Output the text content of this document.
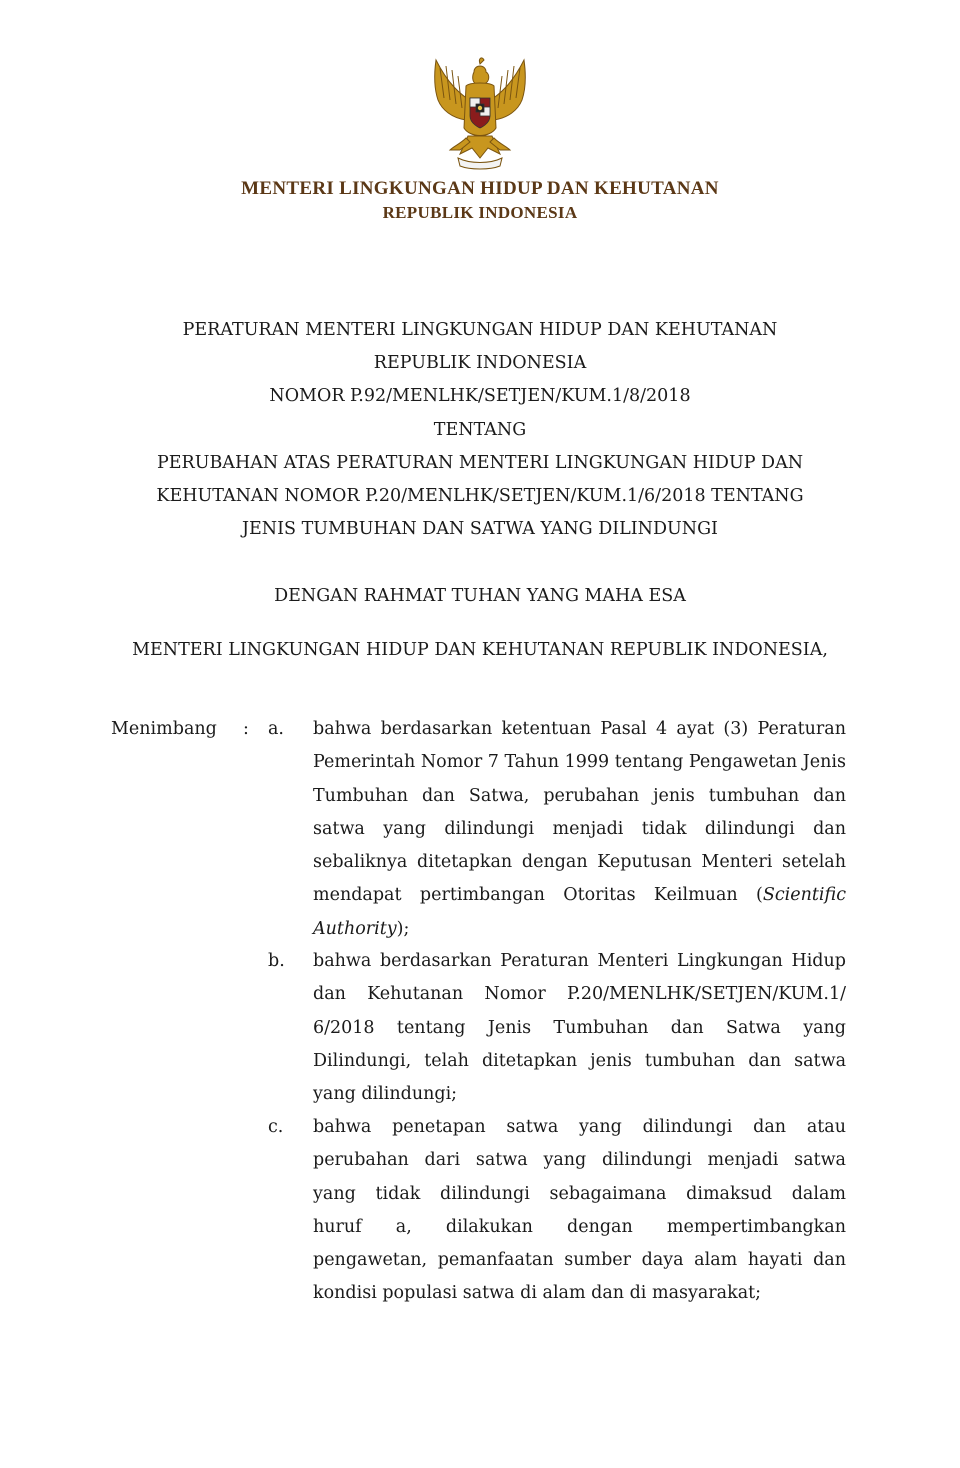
MENTERI LINGKUNGAN HIDUP DAN KEHUTANAN
REPUBLIK INDONESIA
PERATURAN MENTERI LINGKUNGAN HIDUP DAN KEHUTANAN
REPUBLIK INDONESIA
NOMOR P.92/MENLHK/SETJEN/KUM.1/8/2018
TENTANG
PERUBAHAN ATAS PERATURAN MENTERI LINGKUNGAN HIDUP DAN
KEHUTANAN NOMOR P.20/MENLHK/SETJEN/KUM.1/6/2018 TENTANG
JENIS TUMBUHAN DAN SATWA YANG DILINDUNGI
DENGAN RAHMAT TUHAN YANG MAHA ESA
MENTERI LINGKUNGAN HIDUP DAN KEHUTANAN REPUBLIK INDONESIA,
Menimbang : a. bahwa berdasarkan ketentuan Pasal 4 ayat (3) Peraturan
Pemerintah Nomor 7 Tahun 1999 tentang Pengawetan Jenis
Tumbuhan dan Satwa, perubahan jenis tumbuhan dan
satwa yang dilindungi menjadi tidak dilindungi dan
sebaliknya ditetapkan dengan Keputusan Menteri setelah
mendapat pertimbangan Otoritas Keilmuan (Scientific
Authority);
b. bahwa berdasarkan Peraturan Menteri Lingkungan Hidup
dan Kehutanan Nomor P.20/MENLHK/SETJEN/KUM.1/
6/2018 tentang Jenis Tumbuhan dan Satwa yang
Dilindungi, telah ditetapkan jenis tumbuhan dan satwa
yang dilindungi;
c. bahwa penetapan satwa yang dilindungi dan atau
perubahan dari satwa yang dilindungi menjadi satwa
yang tidak dilindungi sebagaimana dimaksud dalam
huruf a, dilakukan dengan mempertimbangkan
pengawetan, pemanfaatan sumber daya alam hayati dan
kondisi populasi satwa di alam dan di masyarakat;
